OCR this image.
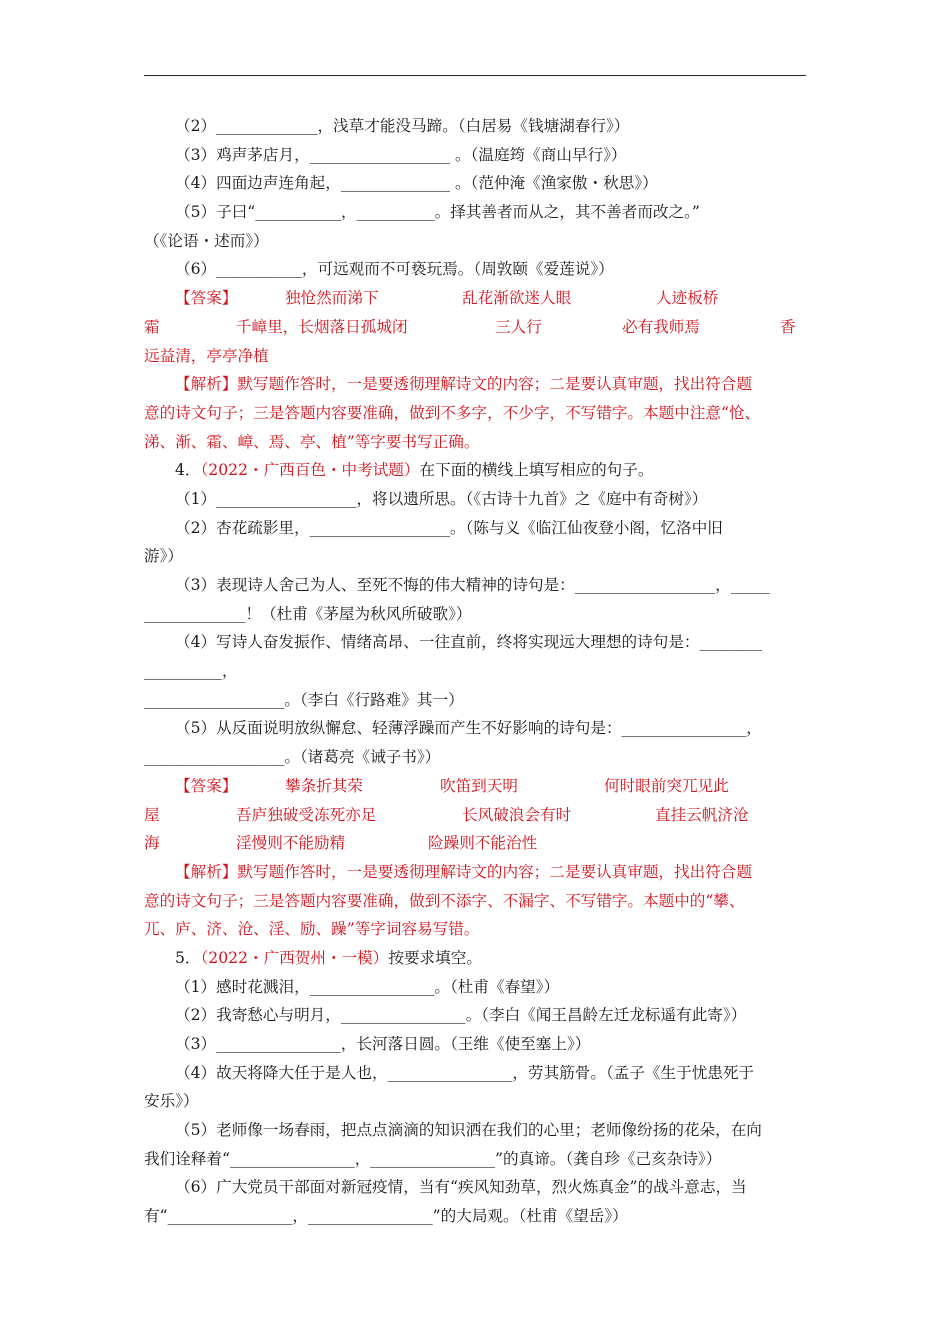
（2）_____________，浅草才能没马蹄。（白居易《钱塘湖春行》）
（3）鸡声茅店月，__________________ 。（温庭筠《商山早行》）
（4）四面边声连角起，______________ 。（范仲淹《渔家傲・秋思》）
（5）子曰“___________，__________。择其善者而从之，其不善者而改之。”
（《论语・述而》）
（6）___________，可远观而不可亵玩焉。（周敦颐《爱莲说》）
【答案】	独怆然而涕下	乱花渐欲迷人眼	人迹板桥
霜	千嶂里，长烟落日孤城闭	三人行	必有我师焉	香
远益清，亭亭净植
【解析】默写题作答时，一是要透彻理解诗文的内容；二是要认真审题，找出符合题
意的诗文句子；三是答题内容要准确，做到不多字，不少字，不写错字。本题中注意“怆、
涕、渐、霜、嶂、焉、亭、植”等字要书写正确。
4．（2022・广西百色・中考试题）在下面的横线上填写相应的句子。
（1）__________________，将以遗所思。（《古诗十九首》之《庭中有奇树》）
（2）杏花疏影里，__________________。（陈与义《临江仙夜登小阁，忆洛中旧
游》）
（3）表现诗人舍己为人、至死不悔的伟大精神的诗句是：__________________，_____
_____________！（杜甫《茅屋为秋风所破歌》）
（4）写诗人奋发振作、情绪高昂、一往直前，终将实现远大理想的诗句是：________
__________，
__________________。（李白《行路难》其一）
（5）从反面说明放纵懈怠、轻薄浮躁而产生不好影响的诗句是：________________，
__________________。（诸葛亮《诫子书》）
【答案】	攀条折其荣	吹笛到天明	何时眼前突兀见此
屋	吾庐独破受冻死亦足	长风破浪会有时	直挂云帆济沧
海	淫慢则不能励精	险躁则不能治性
【解析】默写题作答时，一是要透彻理解诗文的内容；二是要认真审题，找出符合题
意的诗文句子；三是答题内容要准确，做到不添字、不漏字、不写错字。本题中的“攀、
兀、庐、济、沧、淫、励、躁”等字词容易写错。
5．（2022・广西贺州・一模）按要求填空。
（1）感时花溅泪，________________。（杜甫《春望》）
（2）我寄愁心与明月，________________。（李白《闻王昌龄左迁龙标遥有此寄》）
（3）________________，长河落日圆。（王维《使至塞上》）
（4）故天将降大任于是人也，________________，劳其筋骨。（孟子《生于忧患死于
安乐》）
（5）老师像一场春雨，把点点滴滴的知识洒在我们的心里；老师像纷扬的花朵，在向
我们诠释着“________________，________________”的真谛。（龚自珍《己亥杂诗》）
（6）广大党员干部面对新冠疫情，当有“疾风知劲草，烈火炼真金”的战斗意志，当
有“________________，________________”的大局观。（杜甫《望岳》）
